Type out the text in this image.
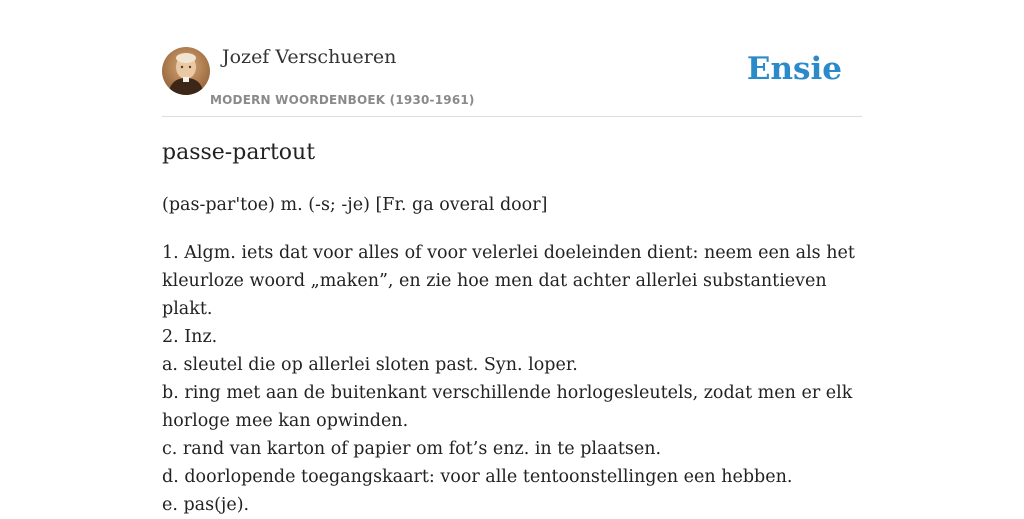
Jozef Verschueren
MODERN WOORDENBOEK (1930-1961)
Ensie
passe-partout
(pas-par'toe) m. (-s; -je) [Fr. ga overal door]
1. Algm. iets dat voor alles of voor velerlei doeleinden dient: neem een als het kleurloze woord „maken”, en zie hoe men dat achter allerlei substantieven plakt.
2. Inz.
a. sleutel die op allerlei sloten past. Syn. loper.
b. ring met aan de buitenkant verschillende horlogesleutels, zodat men er elk horloge mee kan opwinden.
c. rand van karton of papier om fot’s enz. in te plaatsen.
d. doorlopende toegangskaart: voor alle tentoonstellingen een hebben.
e. pas(je).
